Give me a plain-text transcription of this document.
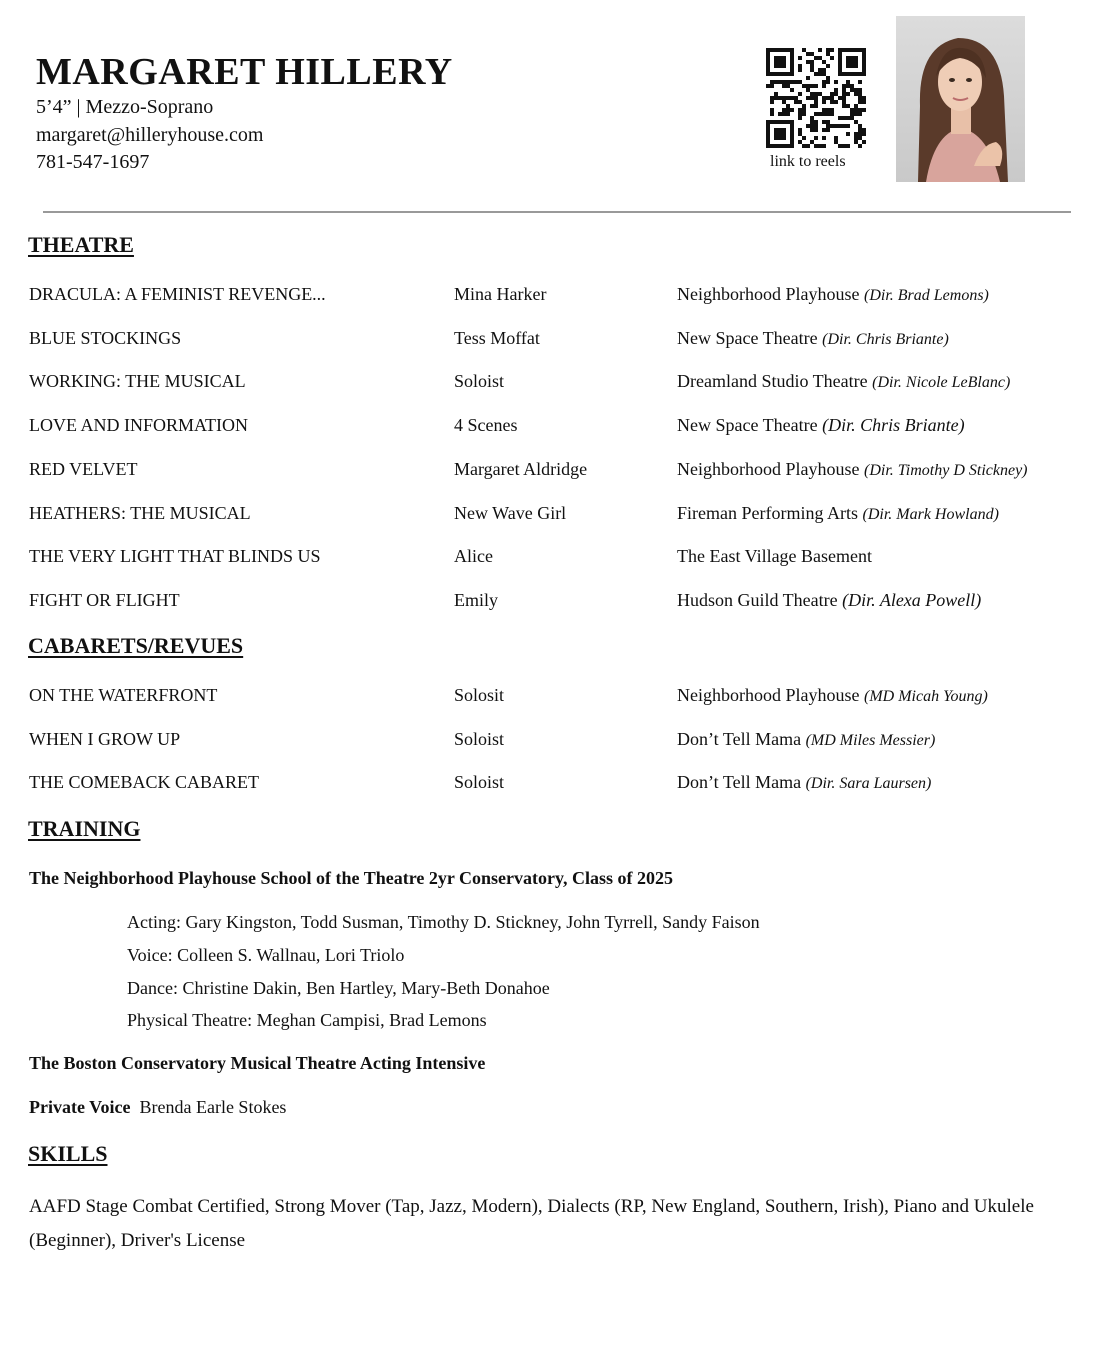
MARGARET HILLERY
5’4” | Mezzo-Soprano
margaret@hilleryhouse.com
781-547-1697	link to reels
THEATRE
DRACULA: A FEMINIST REVENGE...	Mina Harker	Neighborhood Playhouse (Dir. Brad Lemons)
BLUE STOCKINGS	Tess Moffat	New Space Theatre (Dir. Chris Briante)
WORKING: THE MUSICAL	Soloist	Dreamland Studio Theatre (Dir. Nicole LeBlanc)
LOVE AND INFORMATION	4 Scenes	New Space Theatre (Dir. Chris Briante)
RED VELVET	Margaret Aldridge	Neighborhood Playhouse (Dir. Timothy D Stickney)
HEATHERS: THE MUSICAL	New Wave Girl	Fireman Performing Arts (Dir. Mark Howland)
THE VERY LIGHT THAT BLINDS US	Alice	The East Village Basement
FIGHT OR FLIGHT	Emily	Hudson Guild Theatre (Dir. Alexa Powell)
CABARETS/REVUES
ON THE WATERFRONT	Solosit	Neighborhood Playhouse (MD Micah Young)
WHEN I GROW UP	Soloist	Don’t Tell Mama (MD Miles Messier)
THE COMEBACK CABARET	Soloist	Don’t Tell Mama (Dir. Sara Laursen)
TRAINING
The Neighborhood Playhouse School of the Theatre 2yr Conservatory, Class of 2025
Acting: Gary Kingston, Todd Susman, Timothy D. Stickney, John Tyrrell, Sandy Faison
Voice: Colleen S. Wallnau, Lori Triolo
Dance: Christine Dakin, Ben Hartley, Mary-Beth Donahoe
Physical Theatre: Meghan Campisi, Brad Lemons
The Boston Conservatory Musical Theatre Acting Intensive
Private Voice Brenda Earle Stokes
SKILLS
AAFD Stage Combat Certified, Strong Mover (Tap, Jazz, Modern), Dialects (RP, New England, Southern, Irish), Piano and Ukulele (Beginner), Driver's License
